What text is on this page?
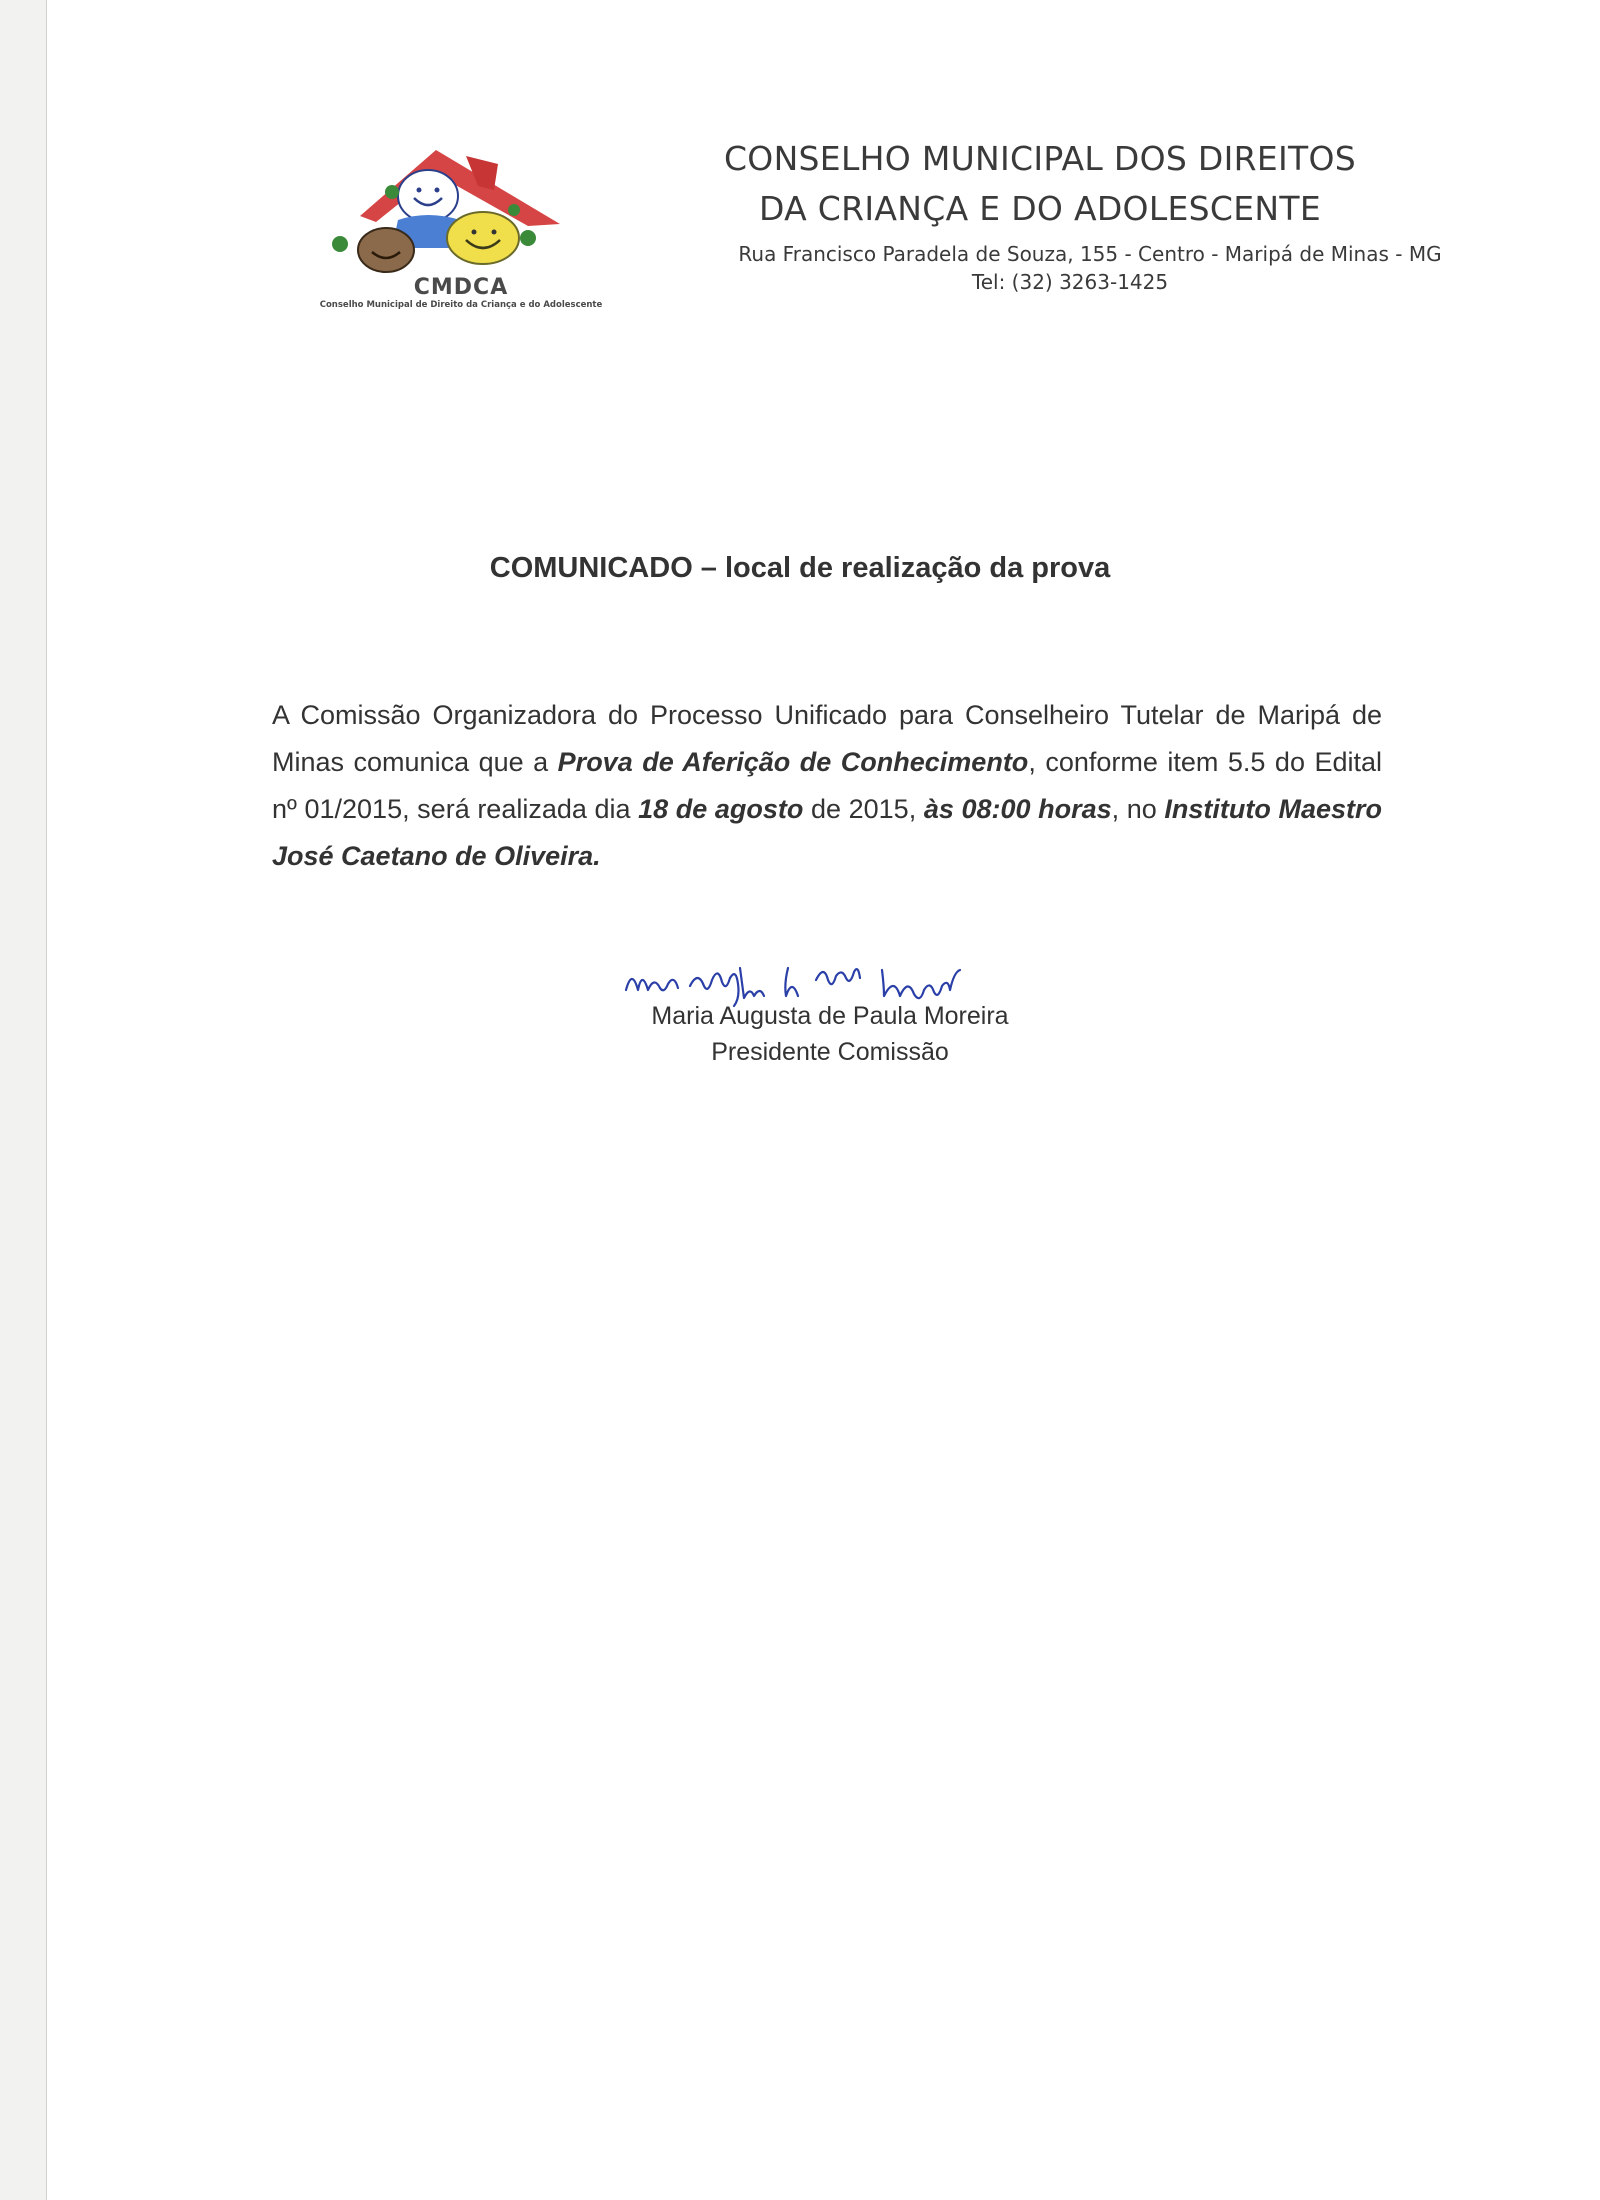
CMDCA
Conselho Municipal de Direito da Criança e do Adolescente
CONSELHO MUNICIPAL DOS DIREITOS
DA CRIANÇA E DO ADOLESCENTE
Rua Francisco Paradela de Souza, 155 - Centro - Maripá de Minas - MG
Tel: (32) 3263-1425
COMUNICADO – local de realização da prova
A Comissão Organizadora do Processo Unificado para Conselheiro Tutelar de Maripá de Minas comunica que a Prova de Aferição de Conhecimento, conforme item 5.5 do Edital nº 01/2015, será realizada dia 18 de agosto de 2015, às 08:00 horas, no Instituto Maestro José Caetano de Oliveira.
Maria Augusta de Paula Moreira
Presidente Comissão
